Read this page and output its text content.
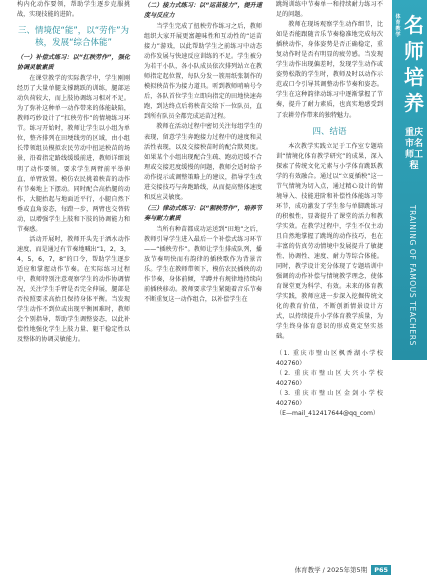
构内化动作要领，帮助学生逐步克服挑战，实现技能的进阶。

三、情境促“能”，以“劳作”为核，发展“综合体能”
（一）补偿式练习：以“扛秧劳作”，强化协调灵敏素质

在课堂教学的实际教学中，学生刚刚经历了大量单腿支撑跳跃的训练，腿部运动负荷较大，而上肢协调练习相对不足。为了弥补这种单一动作带来的体能缺陷，教师巧妙设计了“扛秧劳作”的情境练习环节。练习开始时，教师让学生以小组为单位，整齐排列在田埂线旁的区域，由小组长带领组员模拟农民劳动中扭运秧苗的场景，沿着指定路线缓缓前进，教师详细说明了动作要领。要求学生两臂前平举伸直，单臂放置。模仿农民挑着秧苗的动作有节奏地上下摆动。同时配合高抬腿的动作，大腿抬起与地面近平行，小腿自然下垂或直角姿态，每蹬一步，两臂也交替转动，以增强学生上肢和下肢的协调能力和节奏感。

活动开展时，教师开头先于洒水动作速度，而是通过有节奏地喊出“1，2，3，4，5，6，7，8”的口令，帮助学生逐步适应和掌握动作节奏。在实际练习过程中，教师特别注意观察学生的动作协调情况，关注学生手臂是否完全伸展，腿部是否按照要求高抬且保持身体平衡。当发现学生动作不到位或出现平衡困难时，教师会个别指导，帮助学生调整姿态，以此补偿性地强化学生上肢力量、躯干稳定性以及整体的协调灵敏能力。

（二）接力式练习：以“运苗接力”，提升速度与反应力

当学生完成了扭秧劳作练习之后，教师组织大家开展更富趣味性和互动性的“运苗接力”游戏，以此帮助学生之前练习中动态动作发展与快速反应训练的不足。学生被分为若干小队，各小队成员依次排列站立在教师指定起位置，每队分发一簇用纸张制作的模拟秧苗作为接力道具。听到教师哨响号令后，各队首位学生立即向指定的田地快速奔跑，到达终点后将秧苗交给下一位队员，直到所有队员全都完成运苗过程。

教师在活动过程中密切关注每组学生的表现，留意学生奔跑接力过程中的速度和灵活性表现，以及交接秧苗时的配合默契度。如果某个小组出现配合生疏、跑动迟缓不合理或交接迟度缓慢的问题，教师会适时给予动作提示或调整策略上的建议，指导学生改进交接技巧与奔跑路线，从而提高整体速度和反应灵敏度。

（三）律动式练习：以“割秧劳作”，培养节奏与耐力素质

当所有种苗都成功运送到“田地”之后，教师引导学生进入最后一个补偿式练习环节——“插秧劳作”。教师让学生排成队列，播放节奏明快而有韵律的插秧歌作为背景音乐。学生在教师带领下，模仿农民插秧的动作节奏，身体前倾，半蹲并有规律地持续向前插秧移动。教师要求学生紧随着音乐节奏不断重复这一动作组合，以补偿学生在

跳绳训练中节奏单一和持续耐力练习不足的问题。

教师在现场观察学生动作细节，比如是否能跟随音乐节奏稳准地完成每次插秧动作，身体姿势是否正确稳定，重复动作时是否有明显的疲劳感。当发现学生动作出现偏差时，发现学生动作或姿势松散的学生时，教师及时以动作示范或口令引导其调整动作节奏和姿态。学生在这种韵律动练习中逐渐掌握了节奏，提升了耐力素质，也真实地感受到了农耕劳作带来的独特魅力。

四、结语

本次教学实践立足于工作室专题培训“情境化体育教学研究”的成果，深入探索了传统文化元素与小学体育跳跃教学的有效融合。通过以“立夏插秧”这一节气情境为切入点，通过精心设计的情境导入、技能进阶和补偿性体能练习等环节，成功激发了学生参与单脚跳练习的积极性，显著提升了课堂的活力和教学实效。在教学过程中，学生不仅主动且自然地掌握了跳绳的动作技巧，也在丰富的仿真劳动情境中发展提升了敏捷性、协调性、速度、耐力等综合体能。同时，教学设计充分体现了专题培训中强调的动作补偿与情境教学理念，使体育课堂更为科学、有效。未来的体育教学实践，教师应进一步深入挖掘传统文化的教育价值，不断创新情景设计方式，以持续提升小学体育教学质量，为学生终身体育意识的形成奠定坚实基础。

（1. 重庆市璧山区枫香湖小学校 402760）
（2. 重庆市璧山区大兴小学校 402760）
（3. 重庆市璧山区金剑小学校 402760）
（E—mail_412417644@qq_com）
体育教学 名师培养
重庆市名师工程
TRAINING OF FAMOUS TEACHERS
体育教学 / 2025年第5期 P65
